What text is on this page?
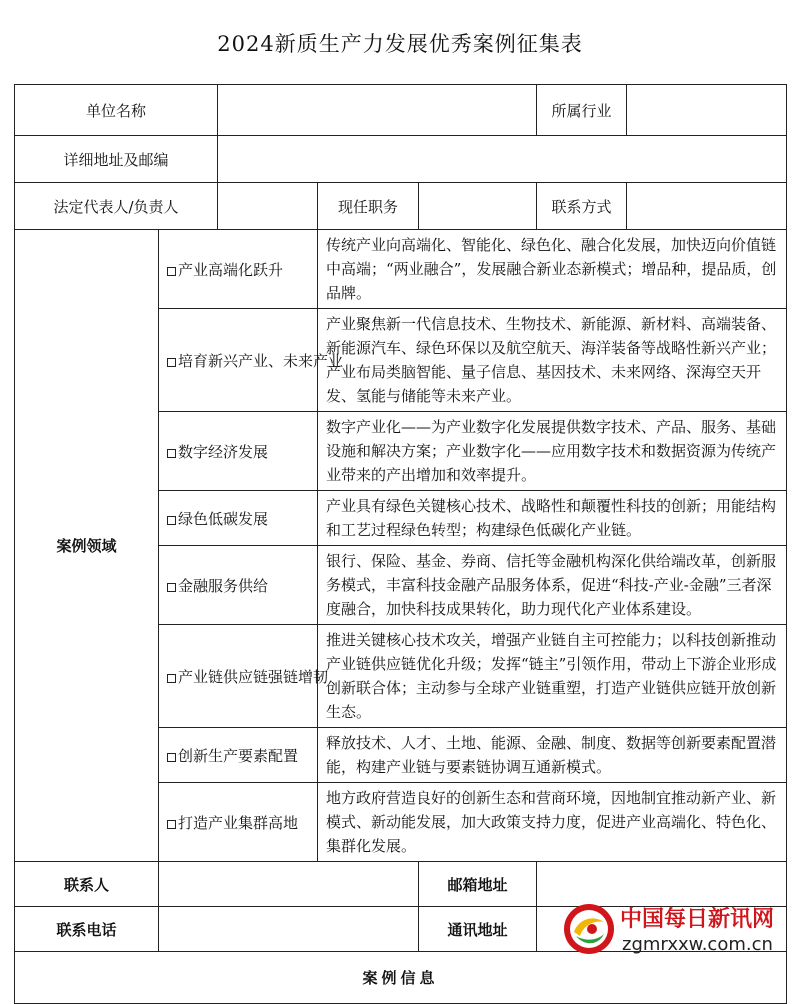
2024新质生产力发展优秀案例征集表
单位名称					所属行业	
详细地址及邮编						
法定代表人/负责人			现任职务		联系方式	
案例领域	产业高端化跃升		传统产业向高端化、智能化、绿色化、融合化发展，加快迈向价值链中高端；“两业融合”，发展融合新业态新模式；增品种，提品质，创品牌。			
	培育新兴产业、未来产业		产业聚焦新一代信息技术、生物技术、新能源、新材料、高端装备、新能源汽车、绿色环保以及航空航天、海洋装备等战略性新兴产业；产业布局类脑智能、量子信息、基因技术、未来网络、深海空天开发、氢能与储能等未来产业。			
	数字经济发展		数字产业化——为产业数字化发展提供数字技术、产品、服务、基础设施和解决方案；产业数字化——应用数字技术和数据资源为传统产业带来的产出增加和效率提升。			
	绿色低碳发展		产业具有绿色关键核心技术、战略性和颠覆性科技的创新；用能结构和工艺过程绿色转型；构建绿色低碳化产业链。			
	金融服务供给		银行、保险、基金、券商、信托等金融机构深化供给端改革，创新服务模式，丰富科技金融产品服务体系，促进“科技-产业-金融”三者深度融合，加快科技成果转化，助力现代化产业体系建设。			
	产业链供应链强链增韧		推进关键核心技术攻关，增强产业链自主可控能力；以科技创新推动产业链供应链优化升级；发挥“链主”引领作用，带动上下游企业形成创新联合体；主动参与全球产业链重塑，打造产业链供应链开放创新生态。			
	创新生产要素配置		释放技术、人才、土地、能源、金融、制度、数据等创新要素配置潜能，构建产业链与要素链协调互通新模式。			
	打造产业集群高地		地方政府营造良好的创新生态和营商环境，因地制宜推动新产业、新模式、新动能发展，加大政策支持力度，促进产业高端化、特色化、集群化发展。			
联系人				邮箱地址		
联系电话				通讯地址		
案例信息						
中国每日新讯网
zgmrxxw.com.cn
